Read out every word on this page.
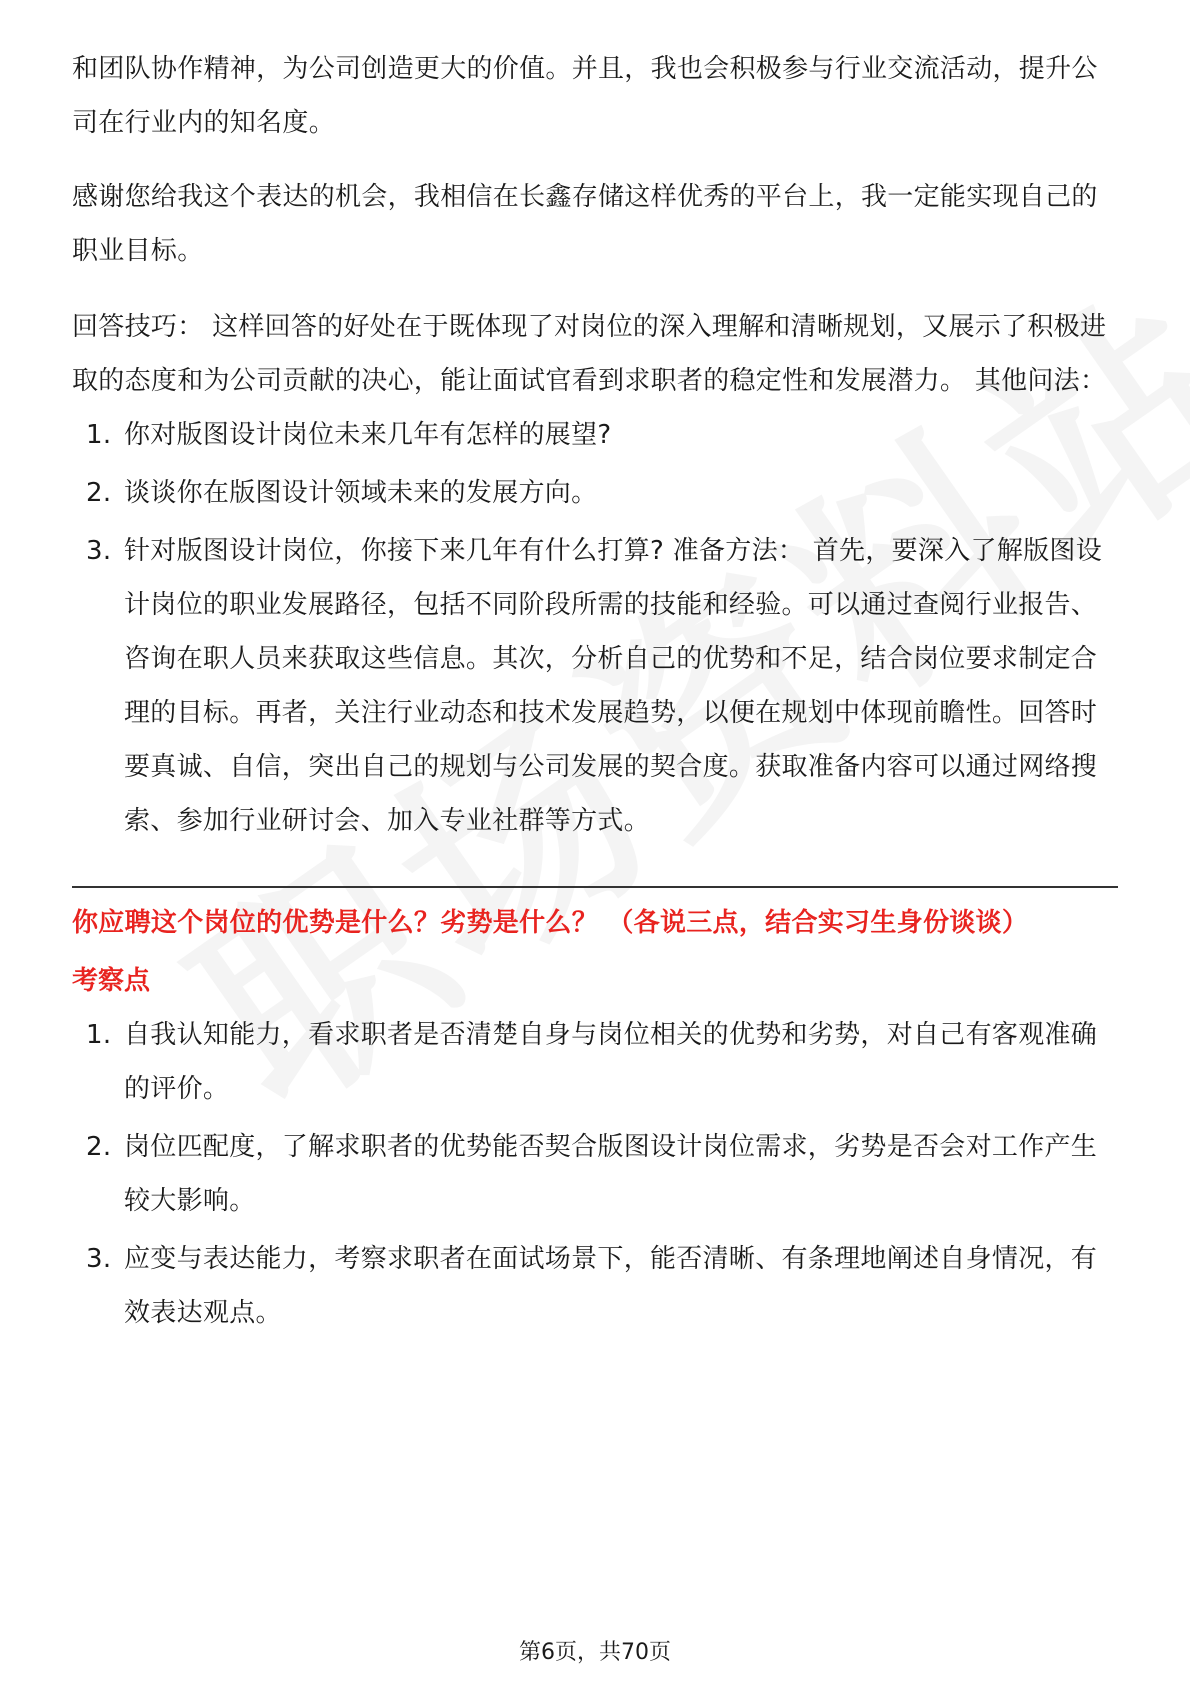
和团队协作精神，为公司创造更大的价值。并且，我也会积极参与行业交流活动，提升公司在行业内的知名度。

感谢您给我这个表达的机会，我相信在长鑫存储这样优秀的平台上，我一定能实现自己的职业目标。

回答技巧： 这样回答的好处在于既体现了对岗位的深入理解和清晰规划，又展示了积极进取的态度和为公司贡献的决心，能让面试官看到求职者的稳定性和发展潜力。 其他问法：

1. 你对版图设计岗位未来几年有怎样的展望?
2. 谈谈你在版图设计领域未来的发展方向。
3. 针对版图设计岗位，你接下来几年有什么打算? 准备方法： 首先，要深入了解版图设计岗位的职业发展路径，包括不同阶段所需的技能和经验。可以通过查阅行业报告、咨询在职人员来获取这些信息。其次，分析自己的优势和不足，结合岗位要求制定合理的目标。再者，关注行业动态和技术发展趋势，以便在规划中体现前瞻性。回答时要真诚、自信，突出自己的规划与公司发展的契合度。获取准备内容可以通过网络搜索、参加行业研讨会、加入专业社群等方式。

你应聘这个岗位的优势是什么？劣势是什么？ （各说三点，结合实习生身份谈谈）

考察点

1. 自我认知能力，看求职者是否清楚自身与岗位相关的优势和劣势，对自己有客观准确的评价。
2. 岗位匹配度，了解求职者的优势能否契合版图设计岗位需求，劣势是否会对工作产生较大影响。
3. 应变与表达能力，考察求职者在面试场景下，能否清晰、有条理地阐述自身情况，有效表达观点。
第6页，共70页
